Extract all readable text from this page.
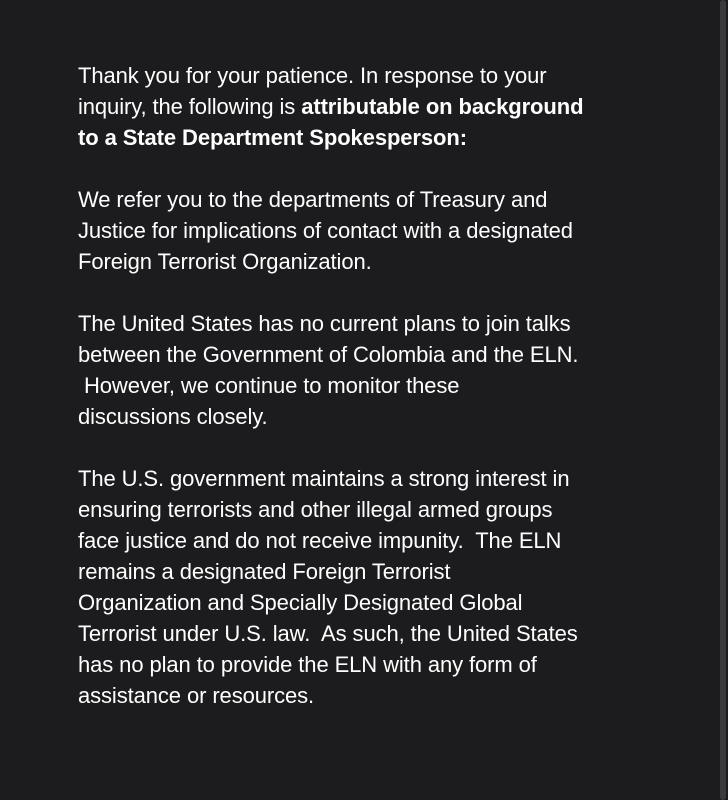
Thank you for your patience. In response to your
inquiry, the following is attributable on background
to a State Department Spokesperson:

We refer you to the departments of Treasury and
Justice for implications of contact with a designated
Foreign Terrorist Organization.

The United States has no current plans to join talks
between the Government of Colombia and the ELN.
However, we continue to monitor these
discussions closely.

The U.S. government maintains a strong interest in
ensuring terrorists and other illegal armed groups
face justice and do not receive impunity.  The ELN
remains a designated Foreign Terrorist
Organization and Specially Designated Global
Terrorist under U.S. law.  As such, the United States
has no plan to provide the ELN with any form of
assistance or resources.
